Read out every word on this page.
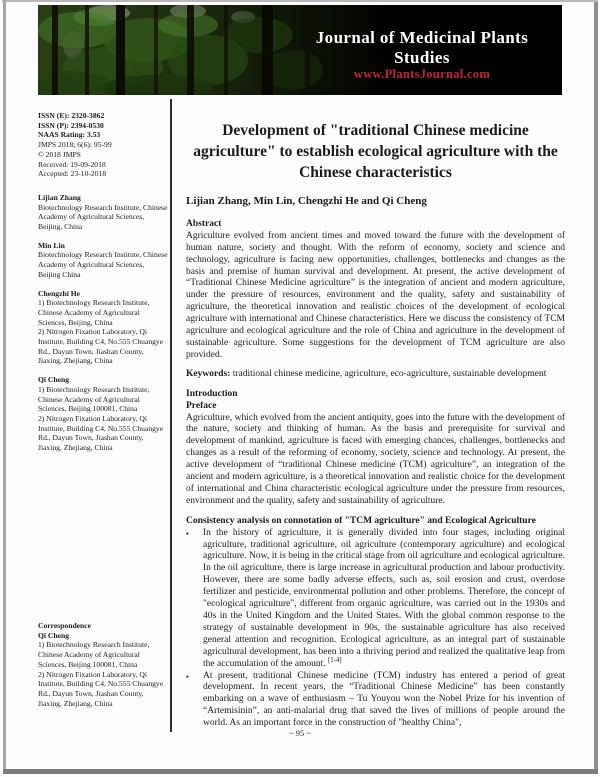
Journal of Medicinal Plants Studies
www.PlantsJournal.com
ISSN (E): 2320-3862
ISSN (P): 2394-0530
NAAS Rating: 3.53
JMPS 2018; 6(6): 95-99
© 2018 JMPS
Received: 19-09-2018
Accepted: 23-10-2018
Lijian Zhang
Biotechnology Research Institute, Chinese Academy of Agricultural Sciences, Beijing, China
Min Lin
Biotechnology Research Institute, Chinese Academy of Agricultural Sciences, Beijing China
Chengzhi He
1) Biotechnology Research Institute, Chinese Academy of Agricultural Sciences, Beijing, China
2) Nitrogen Fixation Laboratory, Qi Institute, Building C4, No.555 Chuangye Rd., Dayun Town, Jiashan County, Jiaxing, Zhejiang, China
Qi Cheng
1) Biotechnology Research Institute, Chinese Academy of Agricultural Sciences, Beijing 100081, China
2) Nitrogen Fixation Laboratory, Qi Institute, Building C4, No.555 Chuangye Rd., Dayun Town, Jiashan County, Jiaxing, Zhejiang, China
Correspondence
Qi Cheng
1) Biotechnology Research Institute, Chinese Academy of Agricultural Sciences, Beijing 100081, China
2) Nitrogen Fixation Laboratory, Qi Institute, Building C4, No.555 Chuangye Rd., Dayun Town, Jiashan County, Jiaxing, Zhejiang, China
Development of "traditional Chinese medicine agriculture" to establish ecological agriculture with the Chinese characteristics
Lijian Zhang, Min Lin, Chengzhi He and Qi Cheng
Abstract

Agriculture evolved from ancient times and moved toward the future with the development of human nature, society and thought. With the reform of economy, society and science and technology, agriculture is facing new opportunities, challenges, bottlenecks and changes as the basis and premise of human survival and development. At present, the active development of “Traditional Chinese Medicine agriculture” is the integration of ancient and modern agriculture, under the pressure of resources, environment and the quality, safety and sustainability of agriculture, the theoretical innovation and realistic choices of the development of ecological agriculture with international and Chinese characteristics. Here we discuss the consistency of TCM agriculture and ecological agriculture and the role of China and agriculture in the development of sustainable agriculture. Some suggestions for the development of TCM agriculture are also provided.

Keywords: traditional chinese medicine, agriculture, eco-agriculture, sustainable development

Introduction
Preface

Agriculture, which evolved from the ancient antiquity, goes into the future with the development of the nature, society and thinking of human. As the basis and prerequisite for survival and development of mankind, agriculture is faced with emerging chances, challenges, bottlenecks and changes as a result of the reforming of economy, society, science and technology. At present, the active development of “traditional Chinese medicine (TCM) agriculture”, an integration of the ancient and modern agriculture, is a theoretical innovation and realistic choice for the development of international and China characteristic ecological agriculture under the pressure from resources, environment and the quality, safety and sustainability of agriculture.

Consistency analysis on connotation of "TCM agriculture" and Ecological Agriculture
▪	In the history of agriculture, it is generally divided into four stages, including original agriculture, traditional agriculture, oil agriculture (contemporary agriculture) and ecological agriculture. Now, it is being in the critical stage from oil agriculture and ecological agriculture. In the oil agriculture, there is large increase in agricultural production and labour productivity. However, there are some badly adverse effects, such as, soil erosion and crust, overdose fertilizer and pesticide, environmental pollution and other problems. Therefore, the concept of "ecological agriculture", different from organic agriculture, was carried out in the 1930s and 40s in the United Kingdom and the United States. With the global common response to the strategy of sustainable development in 90s, the sustainable agriculture has also received general attention and recognition. Ecological agriculture, as an integral part of sustainable agricultural development, has been into a thriving period and realized the qualitative leap from the accumulation of the amount. [1-4]
▪	At present, traditional Chinese medicine (TCM) industry has entered a period of great development. In recent years, the “Traditional Chinese Medicine” has been constantly embarking on a wave of enthusiasm – Tu Youyou won the Nobel Prize for his invention of “Artemisinin”, an anti-malarial drug that saved the lives of millions of people around the world. As an important force in the construction of "healthy China",
~ 95 ~
